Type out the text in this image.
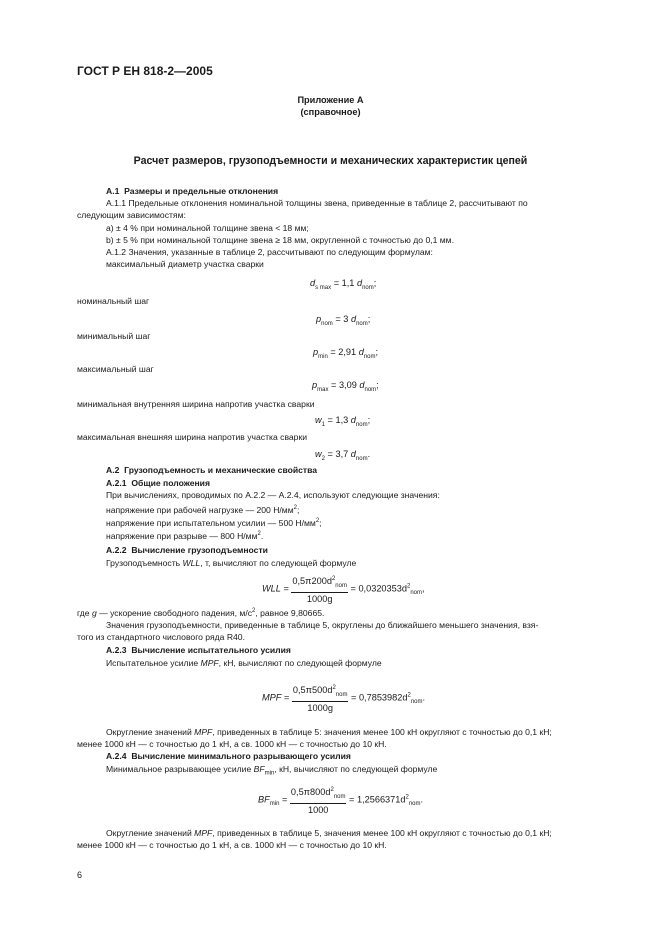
ГОСТ Р ЕН 818-2—2005
Приложение А
(справочное)
Расчет размеров, грузоподъемности и механических характеристик цепей
А.1 Размеры и предельные отклонения
А.1.1 Предельные отклонения номинальной толщины звена, приведенные в таблице 2, рассчитывают по
следующим зависимостям:
а) ± 4 % при номинальной толщине звена < 18 мм;
b) ± 5 % при номинальной толщине звена ≥ 18 мм, округленной с точностью до 0,1 мм.
А.1.2 Значения, указанные в таблице 2, рассчитывают по следующим формулам:
максимальный диаметр участка сварки
$d_{s max} = 1,1$ $d_{nom}$;
номинальный шаг
$p_{nom} = 3$ $d_{nom}$;
минимальный шаг
$p_{min} = 2,91$ $d_{nom}$;
максимальный шаг
$p_{max} = 3,09$ $d_{nom}$;
минимальная внутренняя ширина напротив участка сварки
$w_1 = 1,3$ $d_{nom}$;
максимальная внешняя ширина напротив участка сварки
$w_2 = 3,7$ $d_{nom}$.
А.2 Грузоподъемность и механические свойства
А.2.1 Общие положения
При вычислениях, проводимых по А.2.2 — А.2.4, используют следующие значения:
напряжение при рабочей нагрузке — 200 $Н/мм^2$;
напряжение при испытательном усилии — 500 $Н/мм^2$;
напряжение при разрыве — 800 $Н/мм^2$.
А.2.2 Вычисление грузоподъемности
Грузоподъемность WLL, т, вычисляют по следующей формуле
WLL = $\frac{0,5\pi 200d^2_{nom}}{1000g} = 0,0320353d^2_{nom}$,
где g — ускорение свободного падения, $м/с^2$, равное 9,80665.
Значения грузоподъемности, приведенные в таблице 5, округлены до ближайшего меньшего значения, взя-
того из стандартного числового ряда R40.
А.2.3 Вычисление испытательного усилия
Испытательное усилие MPF, кН, вычисляют по следующей формуле
MPF = $\frac{0,5\pi 500d^2_{nom}}{1000g} = 0,7853982d^2_{nom}$.
Округление значений MPF, приведенных в таблице 5: значения менее 100 кН округляют с точностью до 0,1 кН;
менее 1000 кН — с точностью до 1 кН, а св. 1000 кН — с точностью до 10 кН.
А.2.4 Вычисление минимального разрывающего усилия
Минимальное разрывающее усилие $BF_{min}$, кН, вычисляют по следующей формуле
$BF_{min} = \frac{0,5\pi 800d^2_{nom}}{1000} = 1,2566371d^2_{nom}$.
Округление значений MPF, приведенных в таблице 5, значения менее 100 кН округляют с точностью до 0,1 кН;
менее 1000 кН — с точностью до 1 кН, а св. 1000 кН — с точностью до 10 кН.
6
